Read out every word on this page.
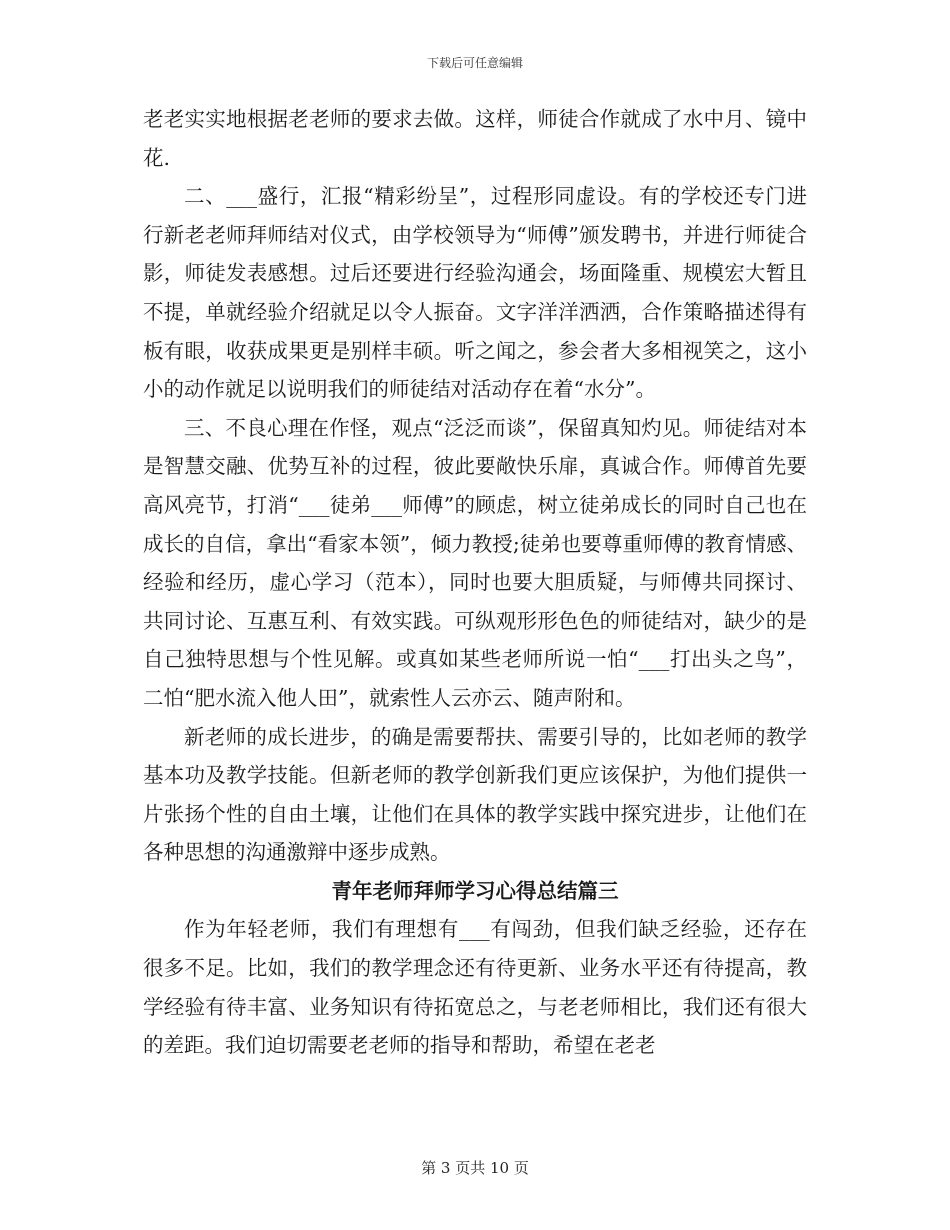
下载后可任意编辑

老老实实地根据老老师的要求去做。这样，师徒合作就成了水中月、镜中花.

二、___盛行，汇报“精彩纷呈”，过程形同虚设。有的学校还专门进行新老老师拜师结对仪式，由学校领导为“师傅”颁发聘书，并进行师徒合影，师徒发表感想。过后还要进行经验沟通会，场面隆重、规模宏大暂且不提，单就经验介绍就足以令人振奋。文字洋洋洒洒，合作策略描述得有板有眼，收获成果更是别样丰硕。听之闻之，参会者大多相视笑之，这小小的动作就足以说明我们的师徒结对活动存在着“水分”。

三、不良心理在作怪，观点“泛泛而谈”，保留真知灼见。师徒结对本是智慧交融、优势互补的过程，彼此要敞快乐扉，真诚合作。师傅首先要高风亮节，打消“___徒弟___师傅”的顾虑，树立徒弟成长的同时自己也在成长的自信，拿出“看家本领”，倾力教授;徒弟也要尊重师傅的教育情感、经验和经历，虚心学习（范本），同时也要大胆质疑，与师傅共同探讨、共同讨论、互惠互利、有效实践。可纵观形形色色的师徒结对，缺少的是自己独特思想与个性见解。或真如某些老师所说一怕“___打出头之鸟”，二怕“肥水流入他人田”，就索性人云亦云、随声附和。

新老师的成长进步，的确是需要帮扶、需要引导的，比如老师的教学基本功及教学技能。但新老师的教学创新我们更应该保护，为他们提供一片张扬个性的自由土壤，让他们在具体的教学实践中探究进步，让他们在各种思想的沟通激辩中逐步成熟。

青年老师拜师学习心得总结篇三

作为年轻老师，我们有理想有___有闯劲，但我们缺乏经验，还存在很多不足。比如，我们的教学理念还有待更新、业务水平还有待提高，教学经验有待丰富、业务知识有待拓宽总之，与老老师相比，我们还有很大的差距。我们迫切需要老老师的指导和帮助，希望在老老

第 3 页共 10 页
